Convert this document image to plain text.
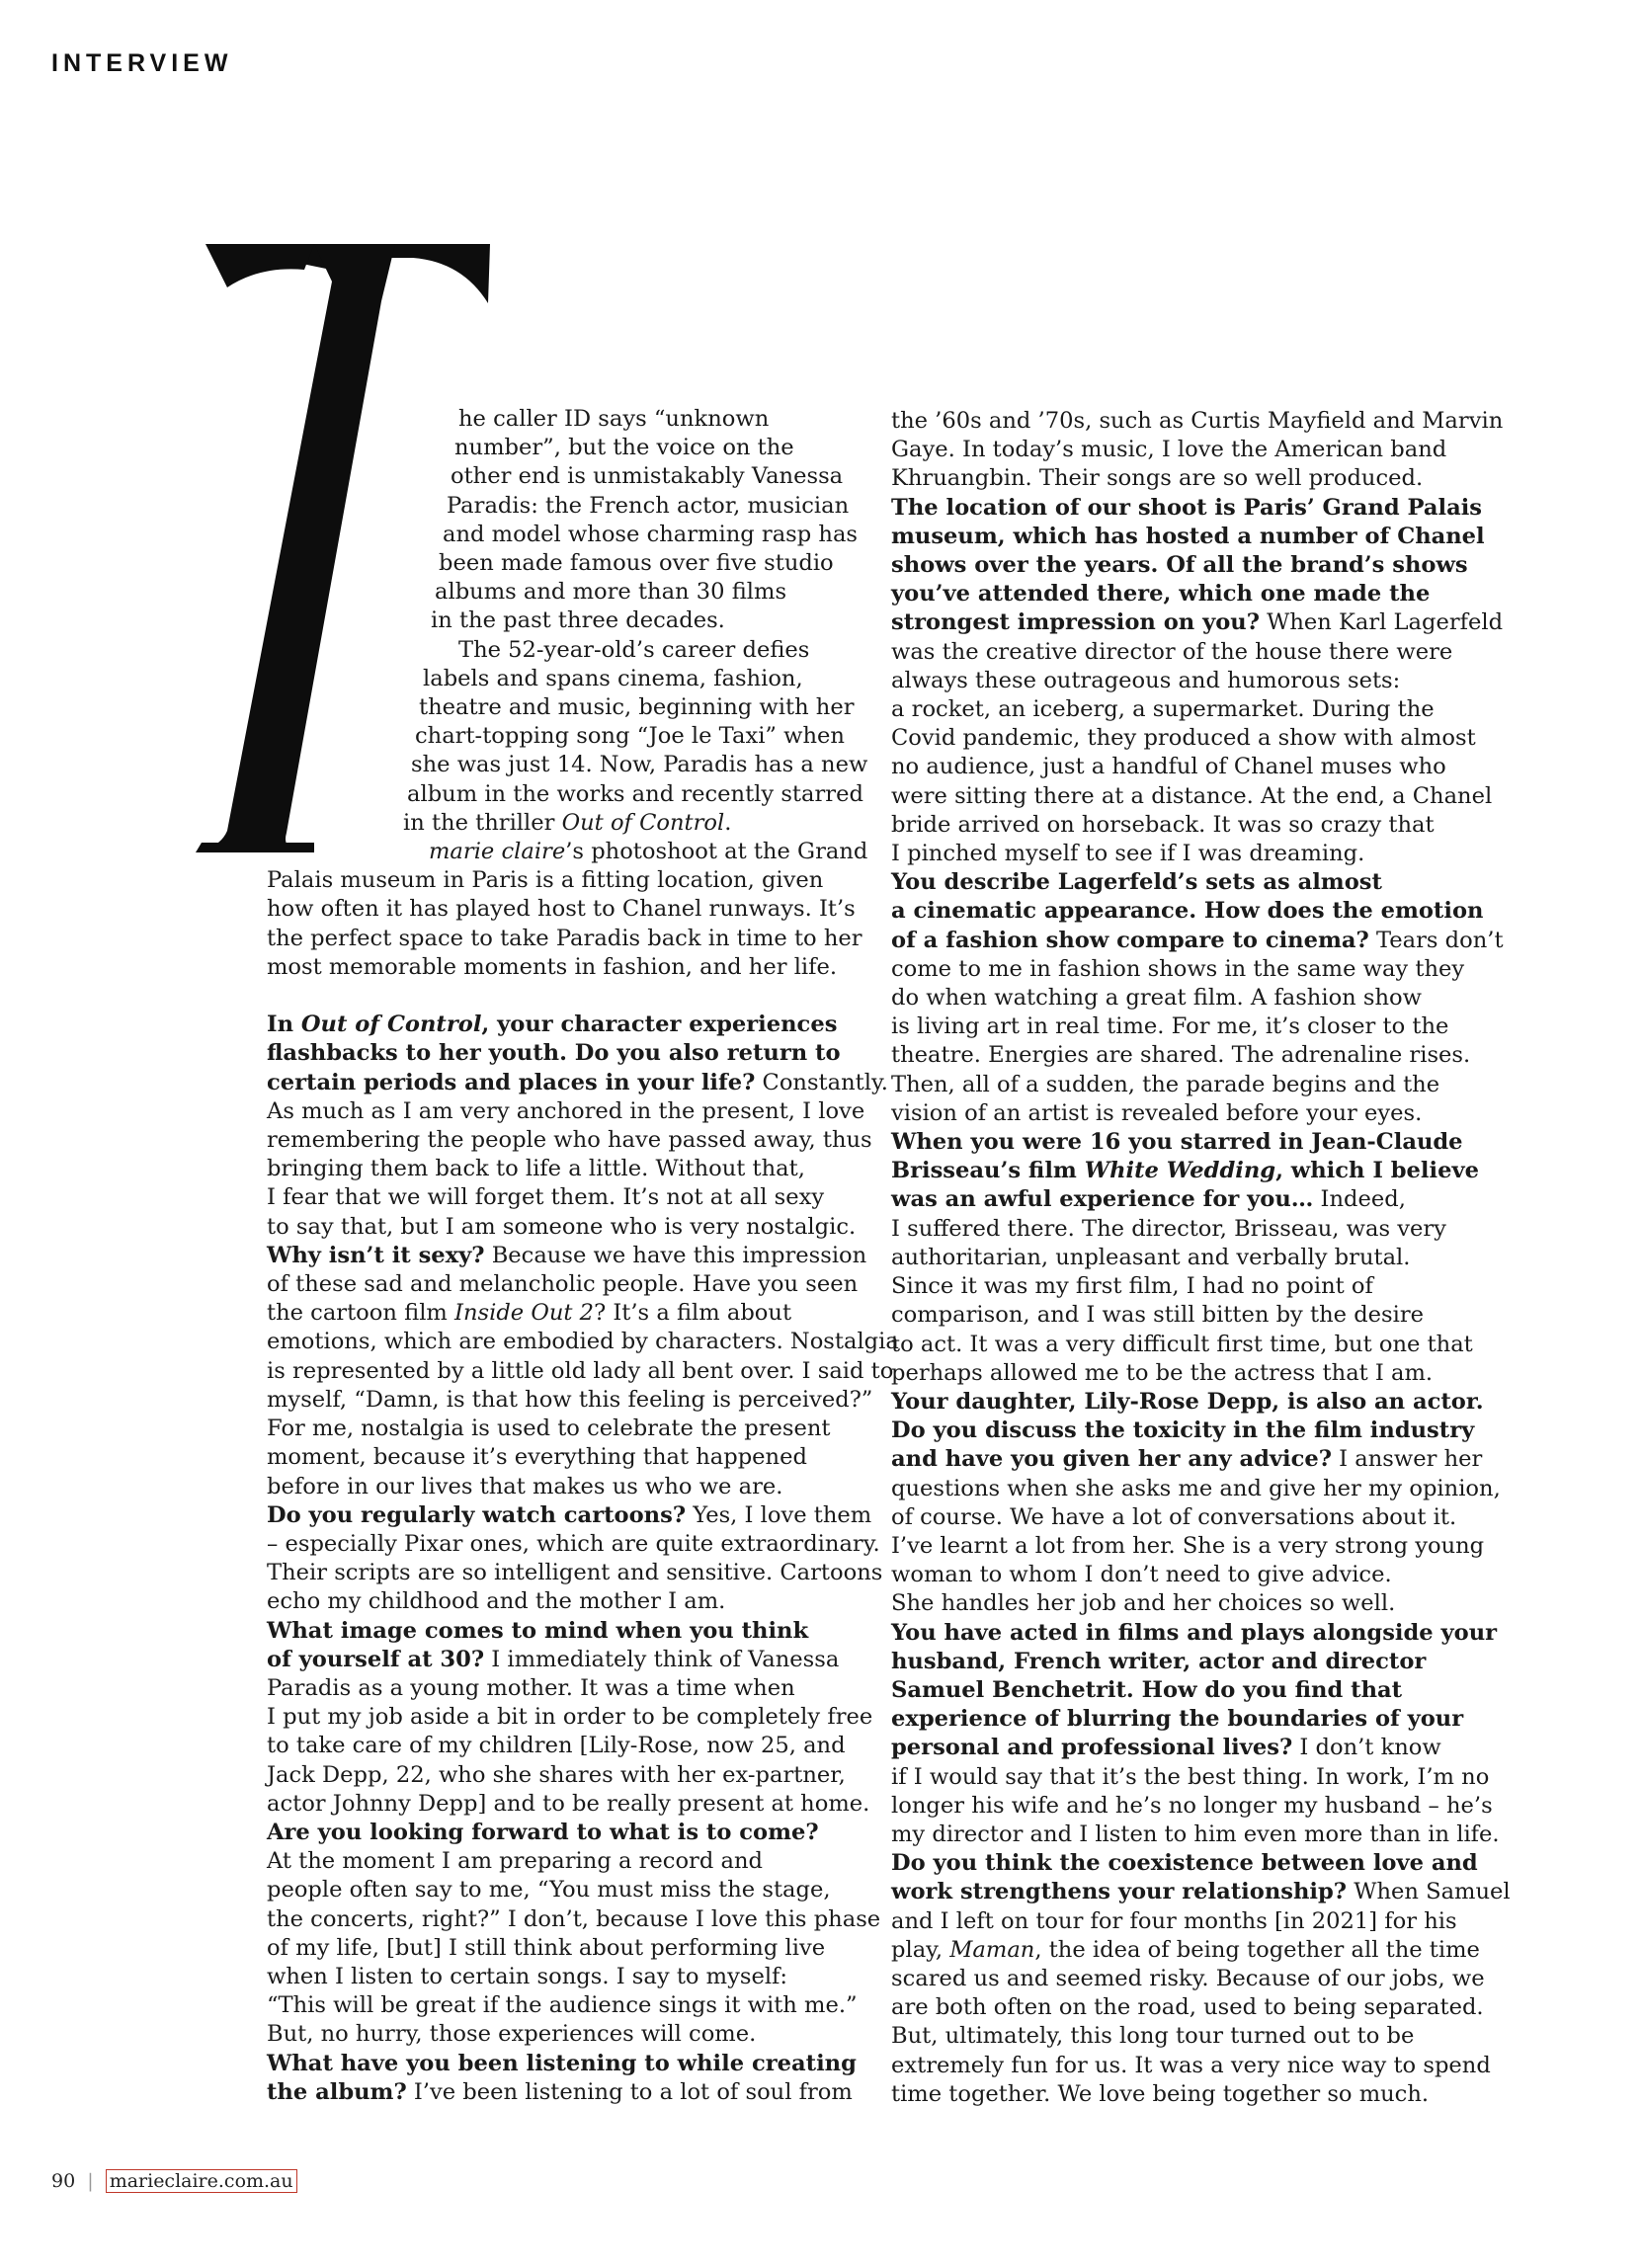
INTERVIEW
he caller ID says “unknown
number”, but the voice on the
other end is unmistakably Vanessa
Paradis: the French actor, musician
and model whose charming rasp has
been made famous over five studio
albums and more than 30 films
in the past three decades.
The 52-year-old’s career defies
labels and spans cinema, fashion,
theatre and music, beginning with her
chart-topping song “Joe le Taxi” when
she was just 14. Now, Paradis has a new
album in the works and recently starred
in the thriller Out of Control.
marie claire’s photoshoot at the Grand
Palais museum in Paris is a fitting location, given
how often it has played host to Chanel runways. It’s
the perfect space to take Paradis back in time to her
most memorable moments in fashion, and her life.
In Out of Control, your character experiences
flashbacks to her youth. Do you also return to
certain periods and places in your life? Constantly.
As much as I am very anchored in the present, I love
remembering the people who have passed away, thus
bringing them back to life a little. Without that,
I fear that we will forget them. It’s not at all sexy
to say that, but I am someone who is very nostalgic.
Why isn’t it sexy? Because we have this impression
of these sad and melancholic people. Have you seen
the cartoon film Inside Out 2? It’s a film about
emotions, which are embodied by characters. Nostalgia
is represented by a little old lady all bent over. I said to
myself, “Damn, is that how this feeling is perceived?”
For me, nostalgia is used to celebrate the present
moment, because it’s everything that happened
before in our lives that makes us who we are.
Do you regularly watch cartoons? Yes, I love them
– especially Pixar ones, which are quite extraordinary.
Their scripts are so intelligent and sensitive. Cartoons
echo my childhood and the mother I am.
What image comes to mind when you think
of yourself at 30? I immediately think of Vanessa
Paradis as a young mother. It was a time when
I put my job aside a bit in order to be completely free
to take care of my children [Lily-Rose, now 25, and
Jack Depp, 22, who she shares with her ex-partner,
actor Johnny Depp] and to be really present at home.
Are you looking forward to what is to come?
At the moment I am preparing a record and
people often say to me, “You must miss the stage,
the concerts, right?” I don’t, because I love this phase
of my life, [but] I still think about performing live
when I listen to certain songs. I say to myself:
“This will be great if the audience sings it with me.”
But, no hurry, those experiences will come.
What have you been listening to while creating
the album? I’ve been listening to a lot of soul from
the ’60s and ’70s, such as Curtis Mayfield and Marvin
Gaye. In today’s music, I love the American band
Khruangbin. Their songs are so well produced.
The location of our shoot is Paris’ Grand Palais
museum, which has hosted a number of Chanel
shows over the years. Of all the brand’s shows
you’ve attended there, which one made the
strongest impression on you? When Karl Lagerfeld
was the creative director of the house there were
always these outrageous and humorous sets:
a rocket, an iceberg, a supermarket. During the
Covid pandemic, they produced a show with almost
no audience, just a handful of Chanel muses who
were sitting there at a distance. At the end, a Chanel
bride arrived on horseback. It was so crazy that
I pinched myself to see if I was dreaming.
You describe Lagerfeld’s sets as almost
a cinematic appearance. How does the emotion
of a fashion show compare to cinema? Tears don’t
come to me in fashion shows in the same way they
do when watching a great film. A fashion show
is living art in real time. For me, it’s closer to the
theatre. Energies are shared. The adrenaline rises.
Then, all of a sudden, the parade begins and the
vision of an artist is revealed before your eyes.
When you were 16 you starred in Jean-Claude
Brisseau’s film White Wedding, which I believe
was an awful experience for you… Indeed,
I suffered there. The director, Brisseau, was very
authoritarian, unpleasant and verbally brutal.
Since it was my first film, I had no point of
comparison, and I was still bitten by the desire
to act. It was a very difficult first time, but one that
perhaps allowed me to be the actress that I am.
Your daughter, Lily-Rose Depp, is also an actor.
Do you discuss the toxicity in the film industry
and have you given her any advice? I answer her
questions when she asks me and give her my opinion,
of course. We have a lot of conversations about it.
I’ve learnt a lot from her. She is a very strong young
woman to whom I don’t need to give advice.
She handles her job and her choices so well.
You have acted in films and plays alongside your
husband, French writer, actor and director
Samuel Benchetrit. How do you find that
experience of blurring the boundaries of your
personal and professional lives? I don’t know
if I would say that it’s the best thing. In work, I’m no
longer his wife and he’s no longer my husband – he’s
my director and I listen to him even more than in life.
Do you think the coexistence between love and
work strengthens your relationship? When Samuel
and I left on tour for four months [in 2021] for his
play, Maman, the idea of being together all the time
scared us and seemed risky. Because of our jobs, we
are both often on the road, used to being separated.
But, ultimately, this long tour turned out to be
extremely fun for us. It was a very nice way to spend
time together. We love being together so much.
90 | marieclaire.com.au
